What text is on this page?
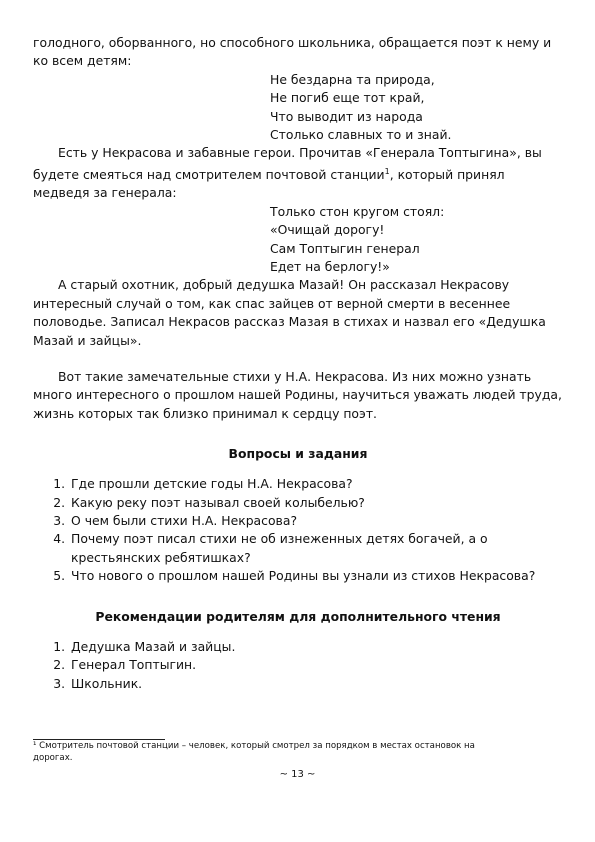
голодного, оборванного, но способного школьника, обращается поэт к нему и ко всем детям:

Не бездарна та природа,
Не погиб еще тот край,
Что выводит из народа
Столько славных то и знай.

Есть у Некрасова и забавные герои. Прочитав «Генерала Топтыгина», вы будете смеяться над смотрителем почтовой станции$^1$, который принял медведя за генерала:

Только стон кругом стоял:
«Очищай дорогу!
Сам Топтыгин генерал
Едет на берлогу!»

А старый охотник, добрый дедушка Мазай! Он рассказал Некрасову интересный случай о том, как спас зайцев от верной смерти в весеннее половодье. Записал Некрасов рассказ Мазая в стихах и назвал его «Дедушка Мазай и зайцы».

Вот такие замечательные стихи у Н.А. Некрасова. Из них можно узнать много интересного о прошлом нашей Родины, научиться уважать людей труда, жизнь которых так близко принимал к сердцу поэт.

Вопросы и задания
1. Где прошли детские годы Н.А. Некрасова?
2. Какую реку поэт называл своей колыбелью?
3. О чем были стихи Н.А. Некрасова?
4. Почему поэт писал стихи не об изнеженных детях богачей, а о крестьянских ребятишках?
5. Что нового о прошлом нашей Родины вы узнали из стихов Некрасова?
Рекомендации родителям для дополнительного чтения
1. Дедушка Мазай и зайцы.
2. Генерал Топтыгин.
3. Школьник.
¹ Смотритель почтовой станции – человек, который смотрел за порядком в местах остановок на дорогах.
~ 13 ~
